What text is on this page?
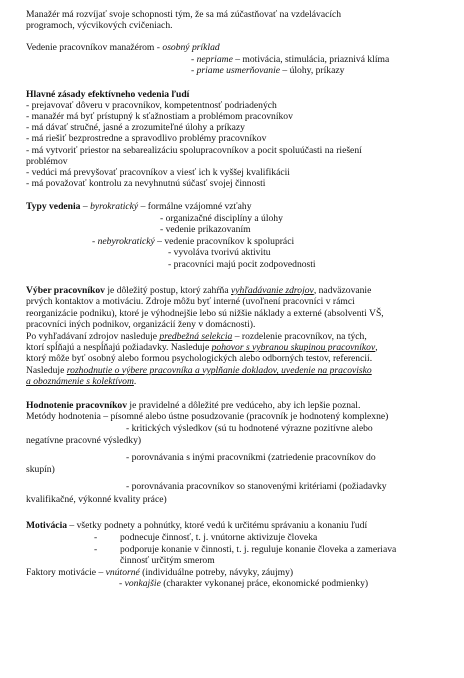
Manažér má rozvíjať svoje schopnosti tým, že sa má zúčastňovať na vzdelávacích
programoch, výcvikových cvičeniach.
Vedenie pracovníkov manažérom - osobný príklad
- nepriame – motivácia, stimulácia, priaznivá klíma
- priame usmerňovanie – úlohy, príkazy
Hlavné zásady efektívneho vedenia ľudí
- prejavovať dôveru v pracovníkov, kompetentnosť podriadených
- manažér má byť prístupný k sťažnostiam a problémom pracovníkov
- má dávať stručné, jasné a zrozumiteľné úlohy a príkazy
- má riešiť bezprostredne a spravodlivo problémy pracovníkov
- má vytvoriť priestor na sebarealizáciu spolupracovníkov a pocit spoluúčasti na riešení
problémov
- vedúci má prevyšovať pracovníkov a viesť ich k vyššej kvalifikácii
- má považovať kontrolu za nevyhnutnú súčasť svojej činnosti
Typy vedenia – byrokratický – formálne vzájomné vzťahy
- organizačné disciplíny a úlohy
- vedenie prikazovaním
- nebyrokratický – vedenie pracovníkov k spolupráci
- vyvoláva tvorivú aktivitu
- pracovníci majú pocit zodpovednosti
Výber pracovníkov je dôležitý postup, ktorý zahŕňa vyhľadávanie zdrojov, nadväzovanie
prvých kontaktov a motiváciu. Zdroje môžu byť interné (uvoľnení pracovníci v rámci
reorganizácie podniku), ktoré je výhodnejšie lebo sú nižšie náklady a externé (absolventi VŠ,
pracovníci iných podnikov, organizácií ženy v domácnosti).
Po vyhľadávaní zdrojov nasleduje predbežná selekcia – rozdelenie pracovníkov, na tých,
ktorí spĺňajú a nespĺňajú požiadavky. Nasleduje pohovor s vybranou skupinou pracovníkov,
ktorý môže byť osobný alebo formou psychologických alebo odborných testov, referencií.
Nasleduje rozhodnutie o výbere pracovníka a vyplňanie dokladov, uvedenie na pracovisko
a oboznámenie s kolektívom.
Hodnotenie pracovníkov je pravidelné a dôležité pre vedúceho, aby ich lepšie poznal.
Metódy hodnotenia – písomné alebo ústne posudzovanie (pracovník je hodnotený komplexne)
- kritických výsledkov (sú tu hodnotené výrazne pozitívne alebo
negatívne pracovné výsledky)
- porovnávania s inými pracovníkmi (zatriedenie pracovníkov do
skupín)
- porovnávania pracovníkov so stanovenými kritériami (požiadavky
kvalifikačné, výkonné kvality práce)
Motivácia – všetky podnety a pohnútky, ktoré vedú k určitému správaniu a konaniu ľudí
- podnecuje činnosť, t. j. vnútorne aktivizuje človeka
- podporuje konanie v činnosti, t. j. reguluje konanie človeka a zameriava
činnosť určitým smerom
Faktory motivácie – vnútorné (individuálne potreby, návyky, záujmy)
- vonkajšie (charakter vykonanej práce, ekonomické podmienky)
